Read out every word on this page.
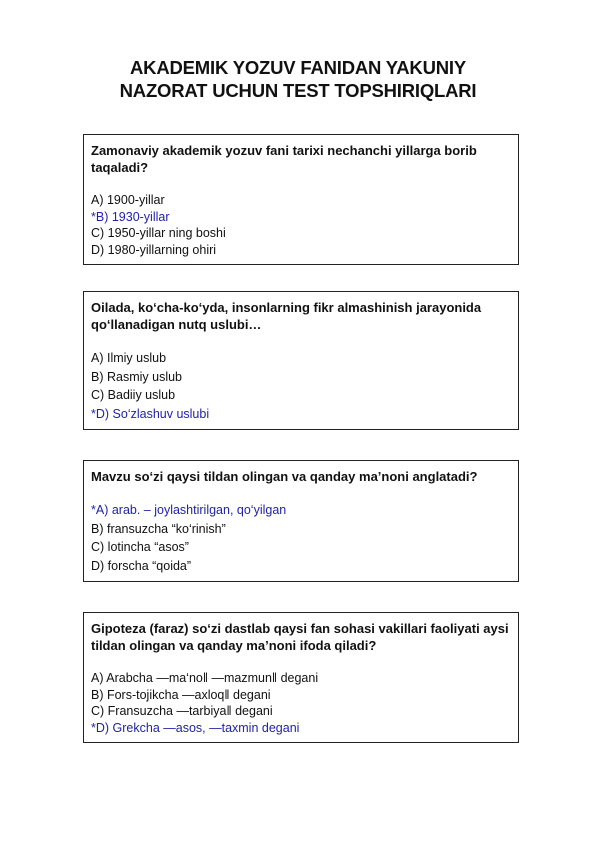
AKADEMIK YOZUV FANIDAN YAKUNIY
NAZORAT UCHUN TEST TOPSHIRIQLARI
Zamonaviy akademik yozuv fani tarixi nechanchi yillarga borib taqaladi?
A) 1900-yillar
*B) 1930-yillar
C) 1950-yillar ning boshi
D) 1980-yillarning ohiri
Oilada, ko‘cha-ko‘yda, insonlarning fikr almashinish jarayonida qo‘llanadigan nutq uslubi…
A) Ilmiy uslub
B) Rasmiy uslub
C) Badiiy uslub
*D) So‘zlashuv uslubi
Mavzu so‘zi qaysi tildan olingan va qanday ma’noni anglatadi?
*A) arab. – joylashtirilgan, qo‘yilgan
B) fransuzcha “ko‘rinish”
C) lotincha “asos”
D) forscha “qoida”
Gipoteza (faraz) so‘zi dastlab qaysi fan sohasi vakillari faoliyati aysi tildan olingan va qanday ma’noni ifoda qiladi?
A) Arabcha ―ma‘noǁ ―mazmunǁ degani
B) Fors-tojikcha ―axloqǁ degani
C) Fransuzcha ―tarbiyaǁ degani
*D) Grekcha ―asos, ―taxmin degani
